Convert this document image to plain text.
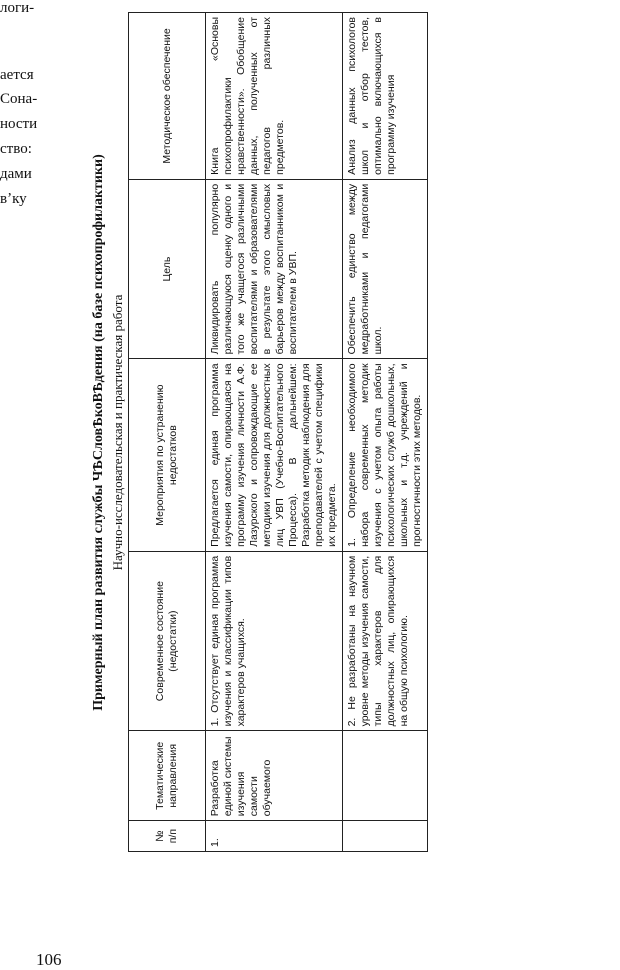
логи-
ается
Сона-
ности
ство:
дами
вʼку	Примерный план развития службы ЧѢСловѢкоВѢдения (на базе психопрофилактики) Научно-исследовательская и практическая работа
№ п/п	Тематические направления	Современное состояние (недостатки)	Мероприятия по устранению недостатков	Цель	Методическое обеспечение
1.	Разработка единой системы изучения самости обучаемого	1. Отсутствует единая программа изучения и классификации типов характеров учащихся.	Предлагается единая программа изучения самости, опирающаяся на программу изучения личности А.Ф. Лазурского и сопровождающие ее методики изучения для должностных лиц УВП (Учебно-Воспитательного Процесса). В дальнейшем: Разработка методик наблюдения для преподавателей с учетом специфики их предмета.	Ликвидировать популярно различающуюся оценку одного и того же учащегося различными воспитателями и образователями в результате этого смысловых барьеров между воспитанником и воспитателем в УВП.	Книга «Основы психопрофилактики нравственности». Обобщение данных, полученных от педагогов различных предметов.
		2. Не разработаны на научном уровне методы изучения самости, типы характеров для должностных лиц, опирающихся на общую психологию.	1. Определение необходимого набора современных методик изучения с учетом опыта работы психологических служб дошкольных, школьных и т.д. учреждений и прогностичности этих методов.	Обеспечить единство между медработниками и педагогами школ.	Анализ данных психологов школ и отбор тестов, оптимально включающихся в программу изучения
106
